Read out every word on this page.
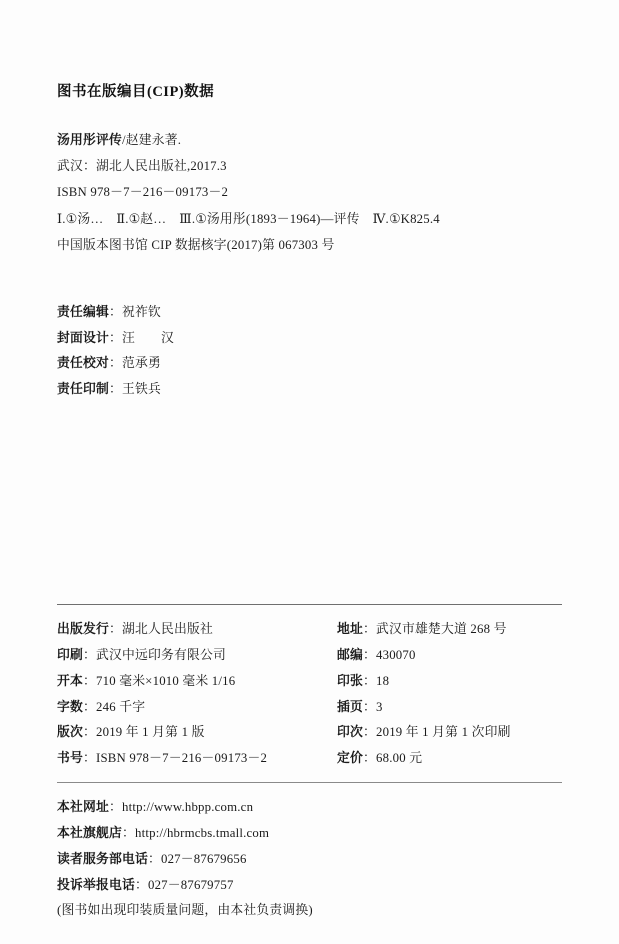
图书在版编目(CIP)数据
汤用彤评传/赵建永著.
武汉：湖北人民出版社,2017.3
ISBN 978－7－216－09173－2
Ⅰ.①汤…　Ⅱ.①赵…　Ⅲ.①汤用彤(1893－1964)—评传　Ⅳ.①K825.4
中国版本图书馆 CIP 数据核字(2017)第 067303 号
责任编辑：祝祚钦
封面设计：汪　　汉
责任校对：范承勇
责任印制：王铁兵
出版发行：湖北人民出版社
印刷：武汉中远印务有限公司
开本：710 毫米×1010 毫米 1/16
字数：246 千字
版次：2019 年 1 月第 1 版
书号：ISBN 978－7－216－09173－2
地址：武汉市雄楚大道 268 号
邮编：430070
印张：18
插页：3
印次：2019 年 1 月第 1 次印刷
定价：68.00 元
本社网址：http://www.hbpp.com.cn
本社旗舰店：http://hbrmcbs.tmall.com
读者服务部电话：027－87679656
投诉举报电话：027－87679757
(图书如出现印装质量问题，由本社负责调换)
